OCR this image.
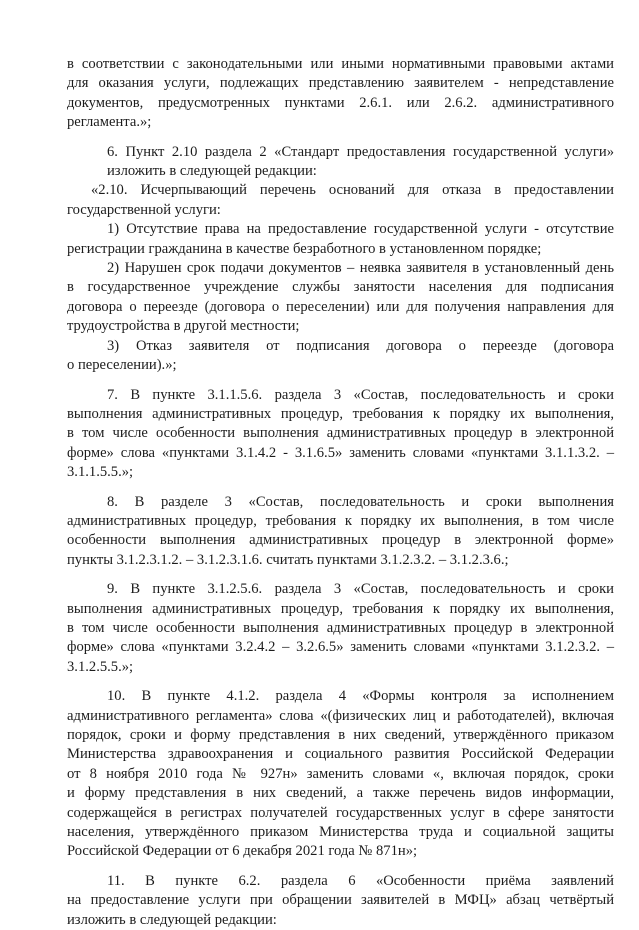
в соответствии с законодательными или иными нормативными правовыми актами
для оказания услуги, подлежащих представлению заявителем - непредставление
документов, предусмотренных пунктами 2.6.1. или 2.6.2. административного
регламента.»;
6. Пункт 2.10 раздела 2 «Стандарт предоставления государственной услуги»
изложить в следующей редакции:
«2.10. Исчерпывающий перечень оснований для отказа в предоставлении
государственной услуги:
1) Отсутствие права на предоставление государственной услуги - отсутствие
регистрации гражданина в качестве безработного в установленном порядке;
2) Нарушен срок подачи документов – неявка заявителя в установленный день
в государственное учреждение службы занятости населения для подписания
договора о переезде (договора о переселении) или для получения направления для
трудоустройства в другой местности;
3) Отказ заявителя от подписания договора о переезде (договора
о переселении).»;
7. В пункте 3.1.1.5.6. раздела 3 «Состав, последовательность и сроки
выполнения административных процедур, требования к порядку их выполнения,
в том числе особенности выполнения административных процедур в электронной
форме» слова «пунктами 3.1.4.2 - 3.1.6.5» заменить словами «пунктами 3.1.1.3.2. –
3.1.1.5.5.»;
8. В разделе 3 «Состав, последовательность и сроки выполнения
административных процедур, требования к порядку их выполнения, в том числе
особенности выполнения административных процедур в электронной форме»
пункты 3.1.2.3.1.2. – 3.1.2.3.1.6. считать пунктами 3.1.2.3.2. – 3.1.2.3.6.;
9. В пункте 3.1.2.5.6. раздела 3 «Состав, последовательность и сроки
выполнения административных процедур, требования к порядку их выполнения,
в том числе особенности выполнения административных процедур в электронной
форме» слова «пунктами 3.2.4.2 – 3.2.6.5» заменить словами «пунктами 3.1.2.3.2. –
3.1.2.5.5.»;
10. В пункте 4.1.2. раздела 4 «Формы контроля за исполнением
административного регламента» слова «(физических лиц и работодателей), включая
порядок, сроки и форму представления в них сведений, утверждённого приказом
Министерства здравоохранения и социального развития Российской Федерации
от 8 ноября 2010 года № 927н» заменить словами «, включая порядок, сроки
и форму представления в них сведений, а также перечень видов информации,
содержащейся в регистрах получателей государственных услуг в сфере занятости
населения, утверждённого приказом Министерства труда и социальной защиты
Российской Федерации от 6 декабря 2021 года № 871н»;
11. В пункте 6.2. раздела 6 «Особенности приёма заявлений
на предоставление услуги при обращении заявителей в МФЦ» абзац четвёртый
изложить в следующей редакции:
